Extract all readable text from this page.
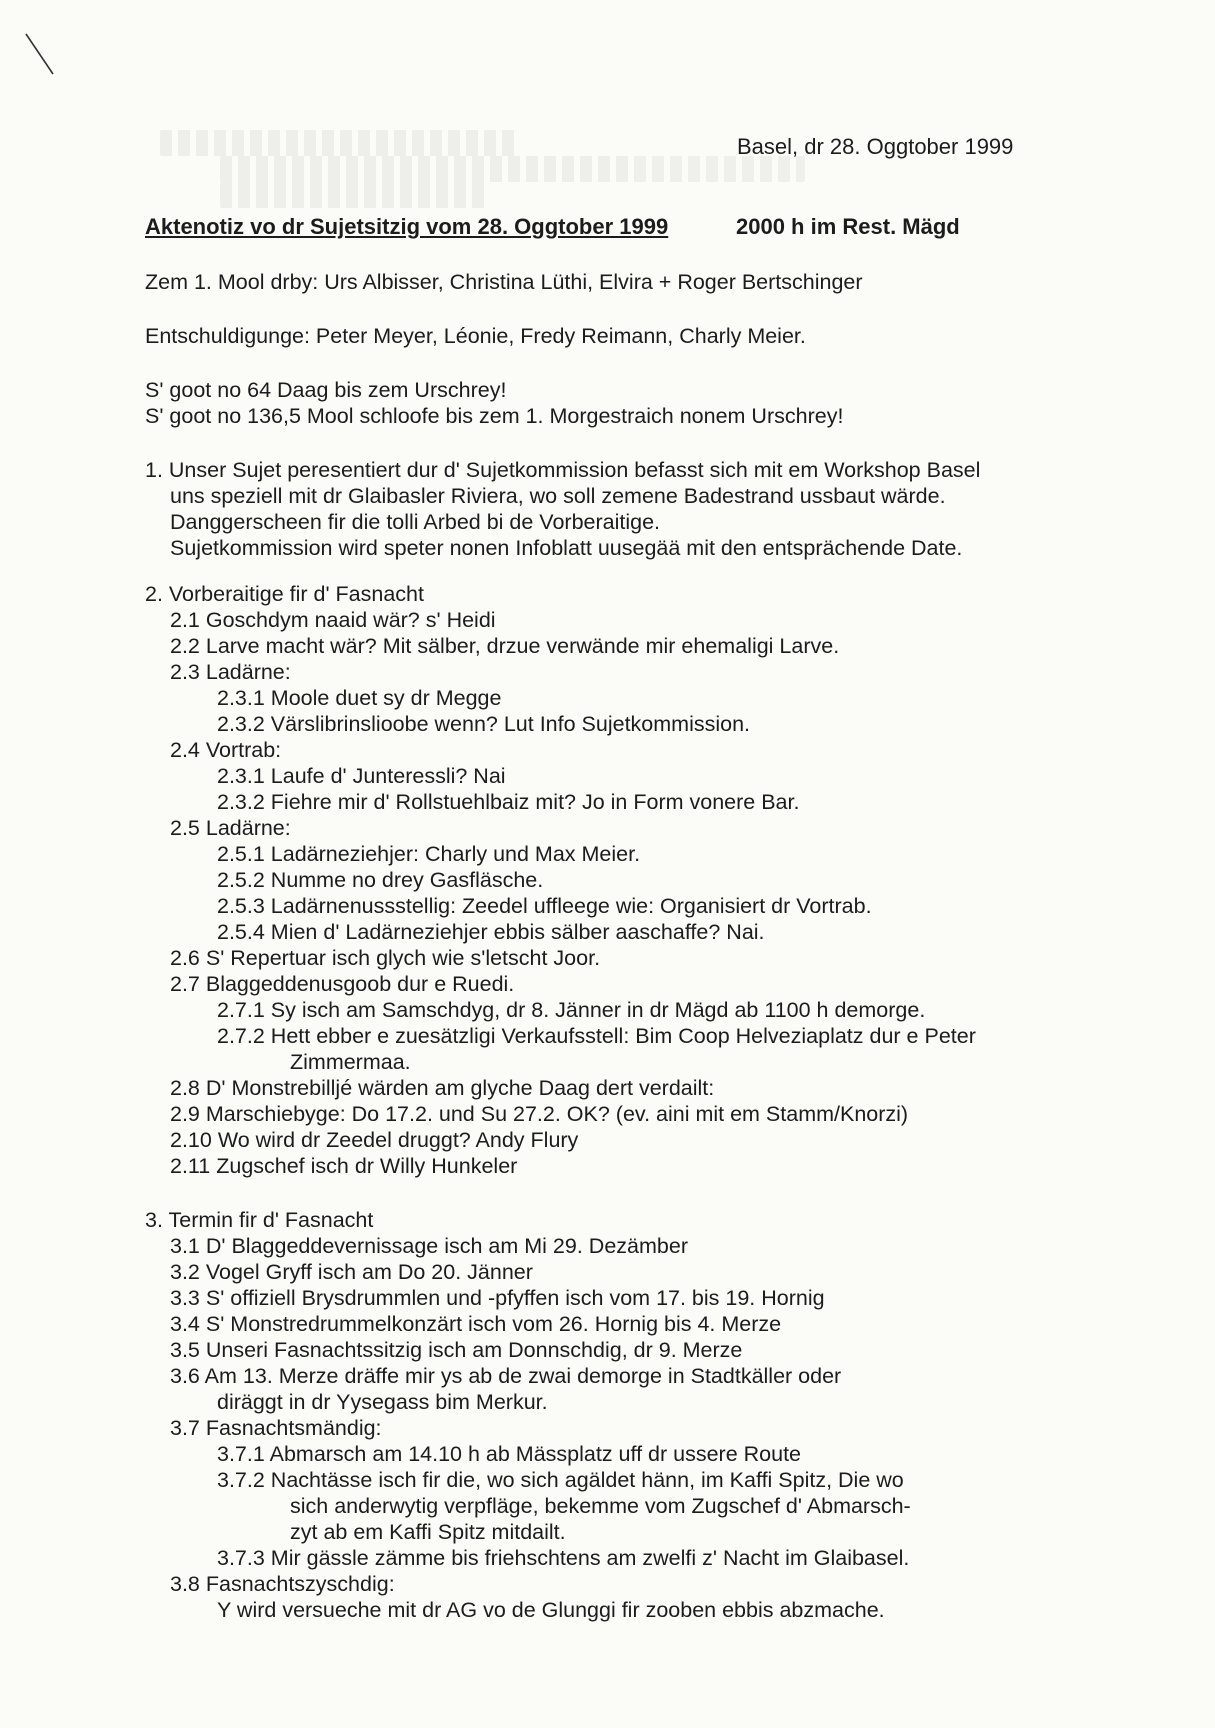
Basel, dr 28. Oggtober 1999
Aktenotiz vo dr Sujetsitzig vom 28. Oggtober 1999	2000 h im Rest. Mägd
Zem 1. Mool drby: Urs Albisser, Christina Lüthi, Elvira + Roger Bertschinger
Entschuldigunge: Peter Meyer, Léonie, Fredy Reimann, Charly Meier.
S' goot no 64 Daag bis zem Urschrey!
S' goot no 136,5 Mool schloofe bis zem 1. Morgestraich nonem Urschrey!
1. Unser Sujet peresentiert dur d' Sujetkommission befasst sich mit em Workshop Basel
uns speziell mit dr Glaibasler Riviera, wo soll zemene Badestrand ussbaut wärde.
Danggerscheen fir die tolli Arbed bi de Vorberaitige.
Sujetkommission wird speter nonen Infoblatt uusegää mit den entsprächende Date.
2. Vorberaitige fir d' Fasnacht
2.1 Goschdym naaid wär? s' Heidi
2.2 Larve macht wär? Mit sälber, drzue verwände mir ehemaligi Larve.
2.3 Ladärne:
2.3.1 Moole duet sy dr Megge
2.3.2 Värslibrinslioobe wenn? Lut Info Sujetkommission.
2.4 Vortrab:
2.3.1 Laufe d' Junteressli? Nai
2.3.2 Fiehre mir d' Rollstuehlbaiz mit? Jo in Form vonere Bar.
2.5 Ladärne:
2.5.1 Ladärneziehjer: Charly und Max Meier.
2.5.2 Numme no drey Gasfläsche.
2.5.3 Ladärnenussstellig: Zeedel uffleege wie: Organisiert dr Vortrab.
2.5.4 Mien d' Ladärneziehjer ebbis sälber aaschaffe? Nai.
2.6 S' Repertuar isch glych wie s'letscht Joor.
2.7 Blaggeddenusgoob dur e Ruedi.
2.7.1 Sy isch am Samschdyg, dr 8. Jänner in dr Mägd ab 1100 h demorge.
2.7.2 Hett ebber e zuesätzligi Verkaufsstell: Bim Coop Helveziaplatz dur e Peter
Zimmermaa.
2.8 D' Monstrebilljé wärden am glyche Daag dert verdailt:
2.9 Marschiebyge: Do 17.2. und Su 27.2. OK? (ev. aini mit em Stamm/Knorzi)
2.10 Wo wird dr Zeedel druggt? Andy Flury
2.11 Zugschef isch dr Willy Hunkeler
3. Termin fir d' Fasnacht
3.1 D' Blaggeddevernissage isch am Mi 29. Dezämber
3.2 Vogel Gryff isch am Do 20. Jänner
3.3 S' offiziell Brysdrummlen und -pfyffen isch vom 17. bis 19. Hornig
3.4 S' Monstredrummelkonzärt isch vom 26. Hornig bis 4. Merze
3.5 Unseri Fasnachtssitzig isch am Donnschdig, dr 9. Merze
3.6 Am 13. Merze dräffe mir ys ab de zwai demorge in Stadtkäller oder
diräggt in dr Yysegass bim Merkur.
3.7 Fasnachtsmändig:
3.7.1 Abmarsch am 14.10 h ab Mässplatz uff dr ussere Route
3.7.2 Nachtässe isch fir die, wo sich agäldet hänn, im Kaffi Spitz, Die wo
sich anderwytig verpfläge, bekemme vom Zugschef d' Abmarsch-
zyt ab em Kaffi Spitz mitdailt.
3.7.3 Mir gässle zämme bis friehschtens am zwelfi z' Nacht im Glaibasel.
3.8 Fasnachtszyschdig:
Y wird versueche mit dr AG vo de Glunggi fir zooben ebbis abzmache.
